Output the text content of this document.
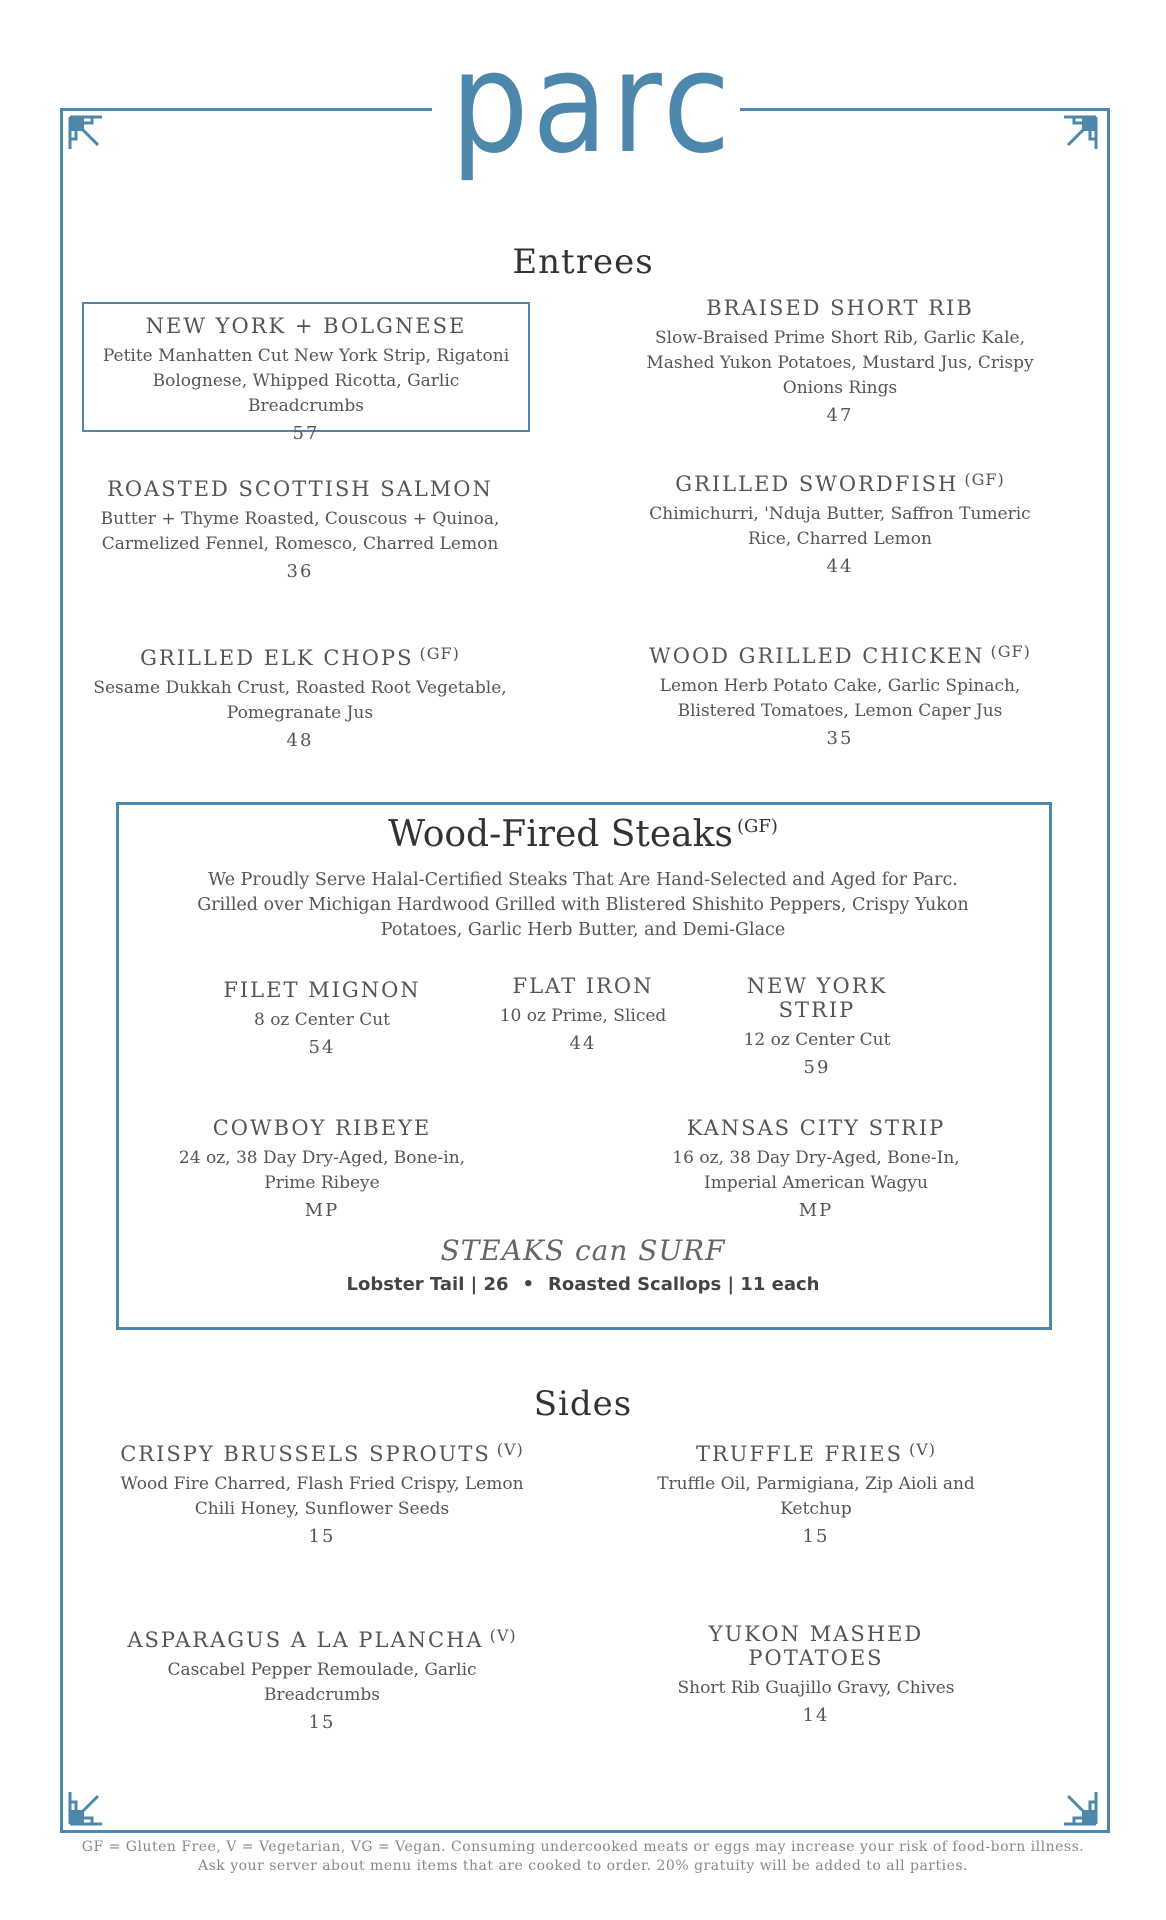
parc
Entrees
NEW YORK + BOLGNESE
Petite Manhatten Cut New York Strip, Rigatoni Bolognese, Whipped Ricotta, Garlic Breadcrumbs
57
BRAISED SHORT RIB
Slow-Braised Prime Short Rib, Garlic Kale, Mashed Yukon Potatoes, Mustard Jus, Crispy Onions Rings
47
ROASTED SCOTTISH SALMON
Butter + Thyme Roasted, Couscous + Quinoa, Carmelized Fennel, Romesco, Charred Lemon
36
GRILLED SWORDFISH $^{(GF)}$
Chimichurri, 'Nduja Butter, Saffron Tumeric Rice, Charred Lemon
44
GRILLED ELK CHOPS $^{(GF)}$
Sesame Dukkah Crust, Roasted Root Vegetable, Pomegranate Jus
48
WOOD GRILLED CHICKEN $^{(GF)}$
Lemon Herb Potato Cake, Garlic Spinach, Blistered Tomatoes, Lemon Caper Jus
35
Wood-Fired Steaks $^{(GF)}$
We Proudly Serve Halal-Certified Steaks That Are Hand-Selected and Aged for Parc. Grilled over Michigan Hardwood Grilled with Blistered Shishito Peppers, Crispy Yukon Potatoes, Garlic Herb Butter, and Demi-Glace
FILET MIGNON
8 oz Center Cut
54
FLAT IRON
10 oz Prime, Sliced
44
NEW YORK STRIP
12 oz Center Cut
59
COWBOY RIBEYE
24 oz, 38 Day Dry-Aged, Bone-in, Prime Ribeye
MP
KANSAS CITY STRIP
16 oz, 38 Day Dry-Aged, Bone-In, Imperial American Wagyu
MP
STEAKS can SURF
Lobster Tail | 26 • Roasted Scallops | 11 each
Sides
CRISPY BRUSSELS SPROUTS $^{(V)}$
Wood Fire Charred, Flash Fried Crispy, Lemon Chili Honey, Sunflower Seeds
15
TRUFFLE FRIES $^{(V)}$
Truffle Oil, Parmigiana, Zip Aioli and Ketchup
15
ASPARAGUS A LA PLANCHA $^{(V)}$
Cascabel Pepper Remoulade, Garlic Breadcrumbs
15
YUKON MASHED POTATOES
Short Rib Guajillo Gravy, Chives
14
GF = Gluten Free, V = Vegetarian, VG = Vegan. Consuming undercooked meats or eggs may increase your risk of food-born illness. Ask your server about menu items that are cooked to order. 20% gratuity will be added to all parties.
